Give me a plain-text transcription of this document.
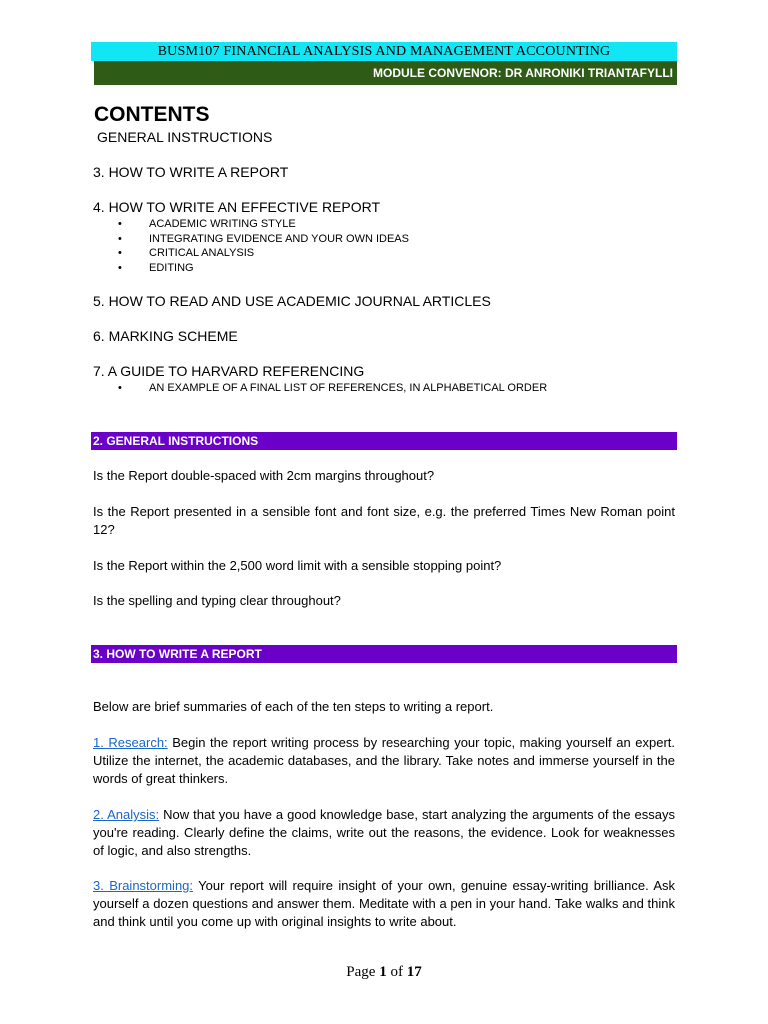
BUSM107 FINANCIAL ANALYSIS AND MANAGEMENT ACCOUNTING
MODULE CONVENOR: DR ANRONIKI TRIANTAFYLLI
CONTENTS
GENERAL INSTRUCTIONS
3. HOW TO WRITE A REPORT
4. HOW TO WRITE AN EFFECTIVE REPORT
• ACADEMIC WRITING STYLE
• INTEGRATING EVIDENCE AND YOUR OWN IDEAS
• CRITICAL ANALYSIS
• EDITING
5. HOW TO READ AND USE ACADEMIC JOURNAL ARTICLES
6. MARKING SCHEME
7. A GUIDE TO HARVARD REFERENCING
• AN EXAMPLE OF A FINAL LIST OF REFERENCES, IN ALPHABETICAL ORDER
2. GENERAL INSTRUCTIONS

Is the Report double-spaced with 2cm margins throughout?

Is the Report presented in a sensible font and font size, e.g. the preferred Times New Roman point 12?

Is the Report within the 2,500 word limit with a sensible stopping point?

Is the spelling and typing clear throughout?

3. HOW TO WRITE A REPORT

Below are brief summaries of each of the ten steps to writing a report.

1. Research: Begin the report writing process by researching your topic, making yourself an expert. Utilize the internet, the academic databases, and the library. Take notes and immerse yourself in the words of great thinkers.

2. Analysis: Now that you have a good knowledge base, start analyzing the arguments of the essays you're reading. Clearly define the claims, write out the reasons, the evidence. Look for weaknesses of logic, and also strengths.

3. Brainstorming: Your report will require insight of your own, genuine essay-writing brilliance. Ask yourself a dozen questions and answer them. Meditate with a pen in your hand. Take walks and think and think until you come up with original insights to write about.

Page 1 of 17
